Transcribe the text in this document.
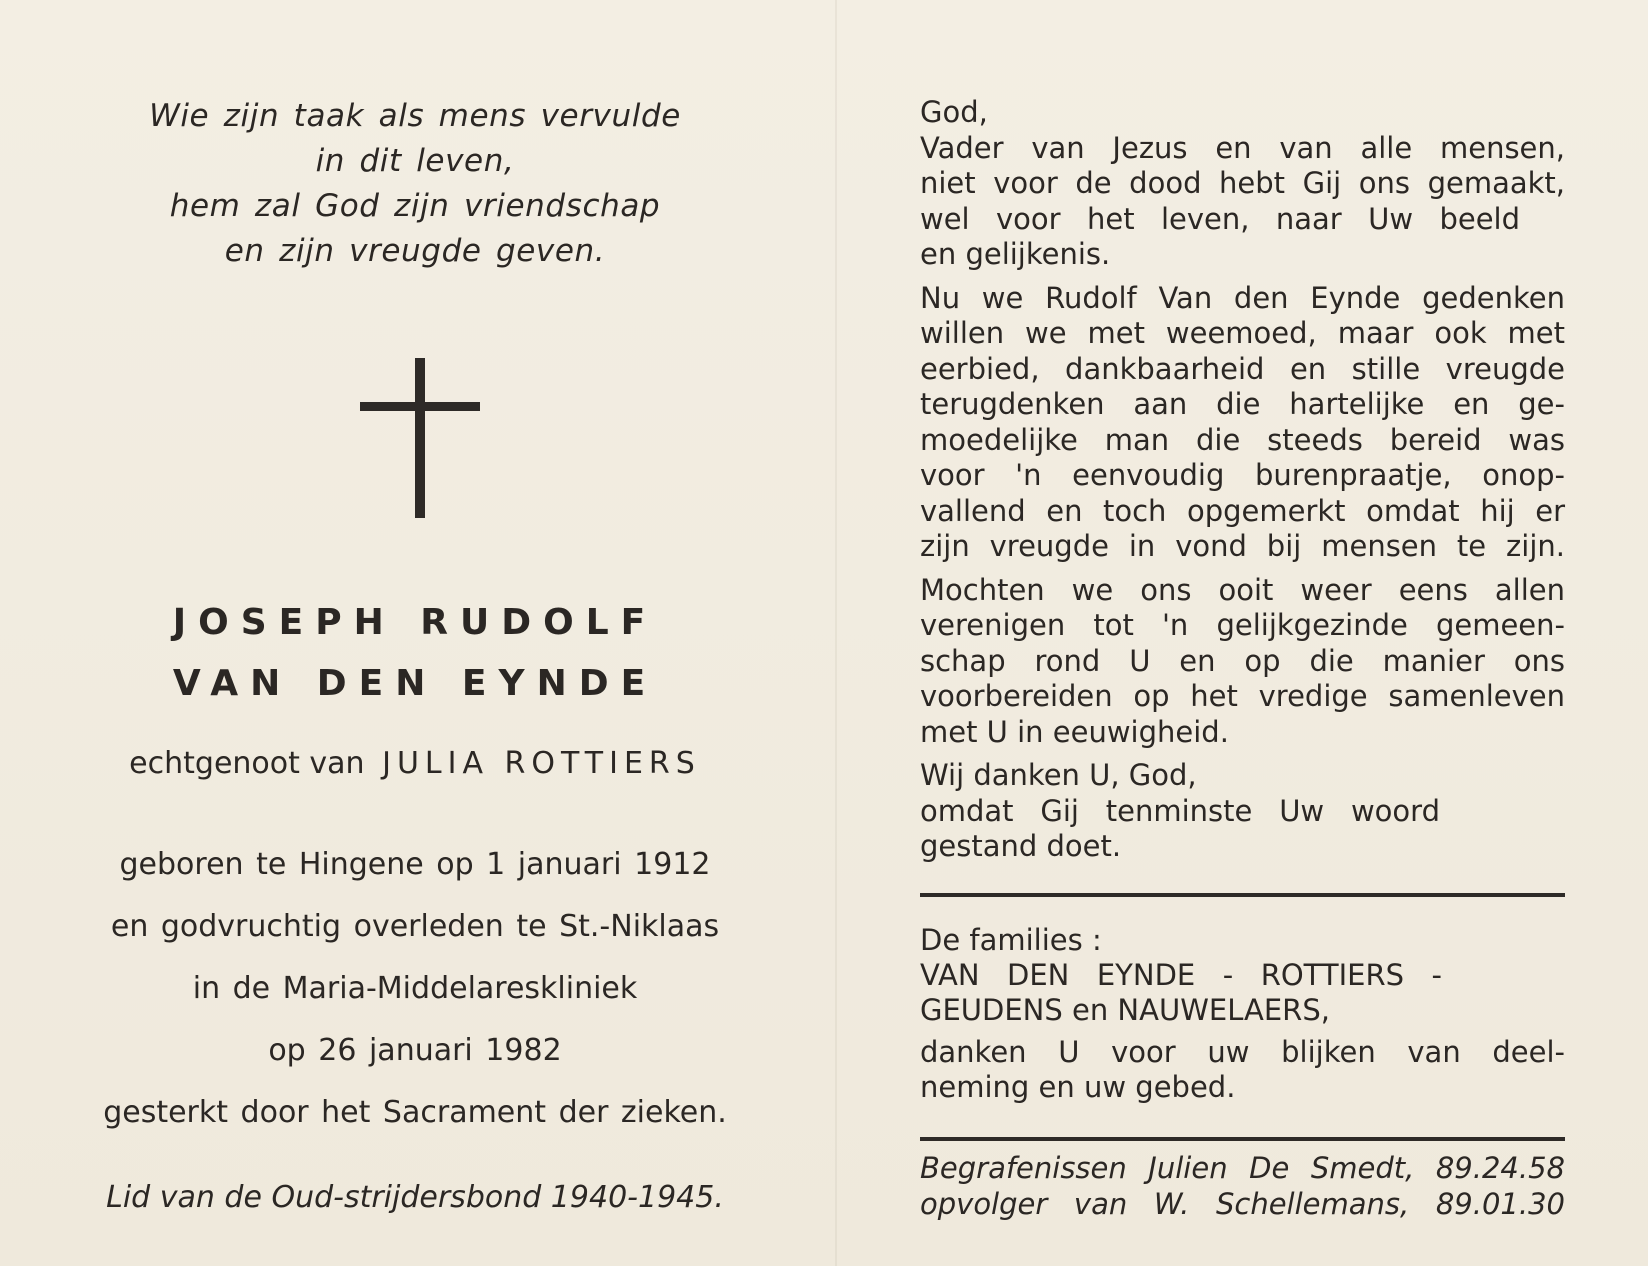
Wie zijn taak als mens vervulde
in dit leven,
hem zal God zijn vriendschap
en zijn vreugde geven.
JOSEPH RUDOLF
VAN DEN EYNDE
echtgenoot van JULIA ROTTIERS
geboren te Hingene op 1 januari 1912
en godvruchtig overleden te St.-Niklaas
in de Maria-Middelareskliniek
op 26 januari 1982
gesterkt door het Sacrament der zieken.
Lid van de Oud-strijdersbond 1940-1945.
God,
Vader van Jezus en van alle mensen,
niet voor de dood hebt Gij ons gemaakt,
wel voor het leven, naar Uw beeld
en gelijkenis.
Nu we Rudolf Van den Eynde gedenken
willen we met weemoed, maar ook met
eerbied, dankbaarheid en stille vreugde
terugdenken aan die hartelijke en ge-
moedelijke man die steeds bereid was
voor 'n eenvoudig burenpraatje, onop-
vallend en toch opgemerkt omdat hij er
zijn vreugde in vond bij mensen te zijn.
Mochten we ons ooit weer eens allen
verenigen tot 'n gelijkgezinde gemeen-
schap rond U en op die manier ons
voorbereiden op het vredige samenleven
met U in eeuwigheid.
Wij danken U, God,
omdat Gij tenminste Uw woord
gestand doet.
De families :
VAN DEN EYNDE - ROTTIERS -
GEUDENS en NAUWELAERS,
danken U voor uw blijken van deel-
neming en uw gebed.
Begrafenissen Julien De Smedt, 89.24.58
opvolger van W. Schellemans, 89.01.30
